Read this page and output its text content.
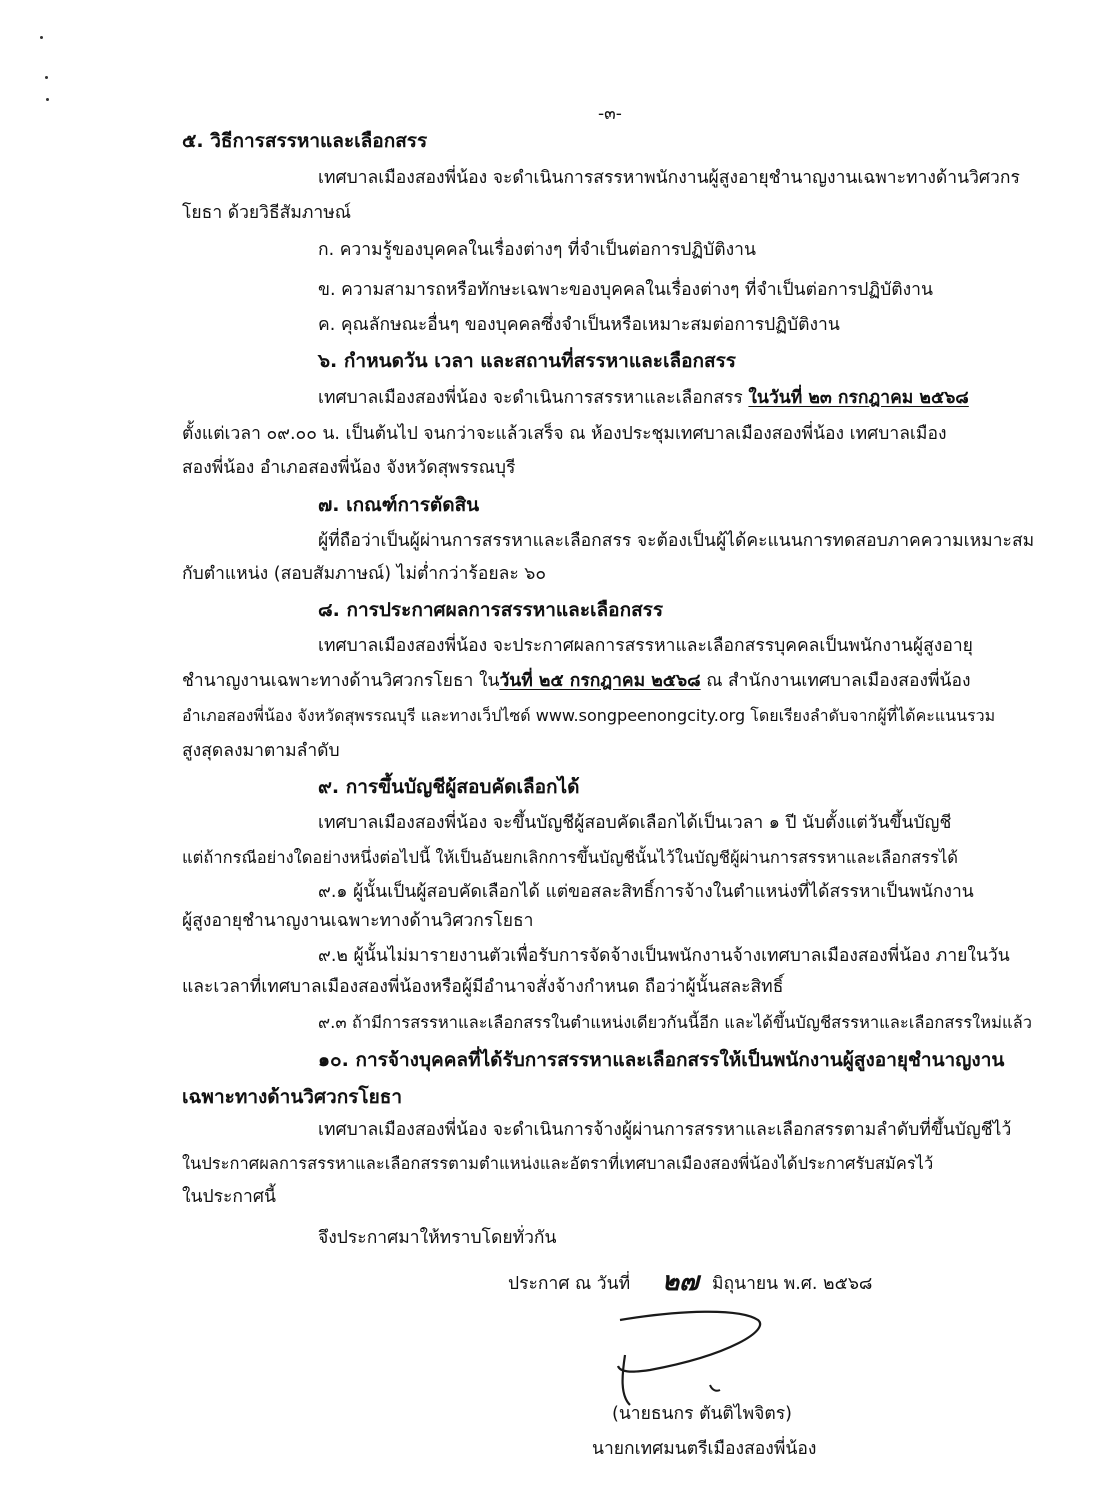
-๓-
๕. วิธีการสรรหาและเลือกสรร
เทศบาลเมืองสองพี่น้อง จะดำเนินการสรรหาพนักงานผู้สูงอายุชำนาญงานเฉพาะทางด้านวิศวกร
โยธา ด้วยวิธีสัมภาษณ์
ก. ความรู้ของบุคคลในเรื่องต่างๆ ที่จำเป็นต่อการปฏิบัติงาน
ข. ความสามารถหรือทักษะเฉพาะของบุคคลในเรื่องต่างๆ ที่จำเป็นต่อการปฏิบัติงาน
ค. คุณลักษณะอื่นๆ ของบุคคลซึ่งจำเป็นหรือเหมาะสมต่อการปฏิบัติงาน
๖. กำหนดวัน เวลา และสถานที่สรรหาและเลือกสรร
เทศบาลเมืองสองพี่น้อง จะดำเนินการสรรหาและเลือกสรร ในวันที่ ๒๓ กรกฎาคม ๒๕๖๘
ตั้งแต่เวลา ๐๙.๐๐ น. เป็นต้นไป จนกว่าจะแล้วเสร็จ ณ ห้องประชุมเทศบาลเมืองสองพี่น้อง เทศบาลเมือง
สองพี่น้อง อำเภอสองพี่น้อง จังหวัดสุพรรณบุรี
๗. เกณฑ์การตัดสิน
ผู้ที่ถือว่าเป็นผู้ผ่านการสรรหาและเลือกสรร จะต้องเป็นผู้ได้คะแนนการทดสอบภาคความเหมาะสม
กับตำแหน่ง (สอบสัมภาษณ์) ไม่ต่ำกว่าร้อยละ ๖๐
๘. การประกาศผลการสรรหาและเลือกสรร
เทศบาลเมืองสองพี่น้อง จะประกาศผลการสรรหาและเลือกสรรบุคคลเป็นพนักงานผู้สูงอายุ
ชำนาญงานเฉพาะทางด้านวิศวกรโยธา ในวันที่ ๒๕ กรกฎาคม ๒๕๖๘ ณ สำนักงานเทศบาลเมืองสองพี่น้อง
อำเภอสองพี่น้อง จังหวัดสุพรรณบุรี และทางเว็ปไซด์ www.songpeenongcity.org โดยเรียงลำดับจากผู้ที่ได้คะแนนรวม
สูงสุดลงมาตามลำดับ
๙. การขึ้นบัญชีผู้สอบคัดเลือกได้
เทศบาลเมืองสองพี่น้อง จะขึ้นบัญชีผู้สอบคัดเลือกได้เป็นเวลา ๑ ปี นับตั้งแต่วันขึ้นบัญชี
แต่ถ้ากรณีอย่างใดอย่างหนึ่งต่อไปนี้ ให้เป็นอันยกเลิกการขึ้นบัญชีนั้นไว้ในบัญชีผู้ผ่านการสรรหาและเลือกสรรได้
๙.๑ ผู้นั้นเป็นผู้สอบคัดเลือกได้ แต่ขอสละสิทธิ์การจ้างในตำแหน่งที่ได้สรรหาเป็นพนักงาน
ผู้สูงอายุชำนาญงานเฉพาะทางด้านวิศวกรโยธา
๙.๒ ผู้นั้นไม่มารายงานตัวเพื่อรับการจัดจ้างเป็นพนักงานจ้างเทศบาลเมืองสองพี่น้อง ภายในวัน
และเวลาที่เทศบาลเมืองสองพี่น้องหรือผู้มีอำนาจสั่งจ้างกำหนด ถือว่าผู้นั้นสละสิทธิ์
๙.๓ ถ้ามีการสรรหาและเลือกสรรในตำแหน่งเดียวกันนี้อีก และได้ขึ้นบัญชีสรรหาและเลือกสรรใหม่แล้ว
๑๐. การจ้างบุคคลที่ได้รับการสรรหาและเลือกสรรให้เป็นพนักงานผู้สูงอายุชำนาญงาน
เฉพาะทางด้านวิศวกรโยธา
เทศบาลเมืองสองพี่น้อง จะดำเนินการจ้างผู้ผ่านการสรรหาและเลือกสรรตามลำดับที่ขึ้นบัญชีไว้
ในประกาศผลการสรรหาและเลือกสรรตามตำแหน่งและอัตราที่เทศบาลเมืองสองพี่น้องได้ประกาศรับสมัครไว้
ในประกาศนี้
จึงประกาศมาให้ทราบโดยทั่วกัน
ประกาศ ณ วันที่ ๒๗ มิถุนายน พ.ศ. ๒๕๖๘
(นายธนกร ตันติไพจิตร)
นายกเทศมนตรีเมืองสองพี่น้อง
